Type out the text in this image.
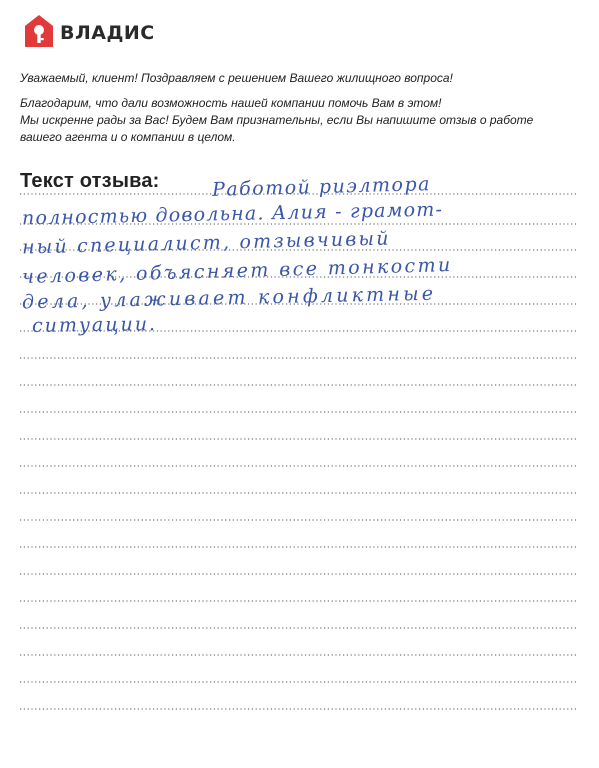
ВЛАДИС

Уважаемый, клиент! Поздравляем с решением Вашего жилищного вопроса!

Благодарим, что дали возможность нашей компании помочь Вам в этом!
Мы искренне рады за Вас! Будем Вам признательны, если Вы напишите отзыв о работе
вашего агента и о компании в целом.

Текст отзыва:	Работой риэлтора
полностью довольна. Алия - грамот-
ный специалист, отзывчивый
человек, объясняет все тонкости
дела, улаживает конфликтные
ситуации.
